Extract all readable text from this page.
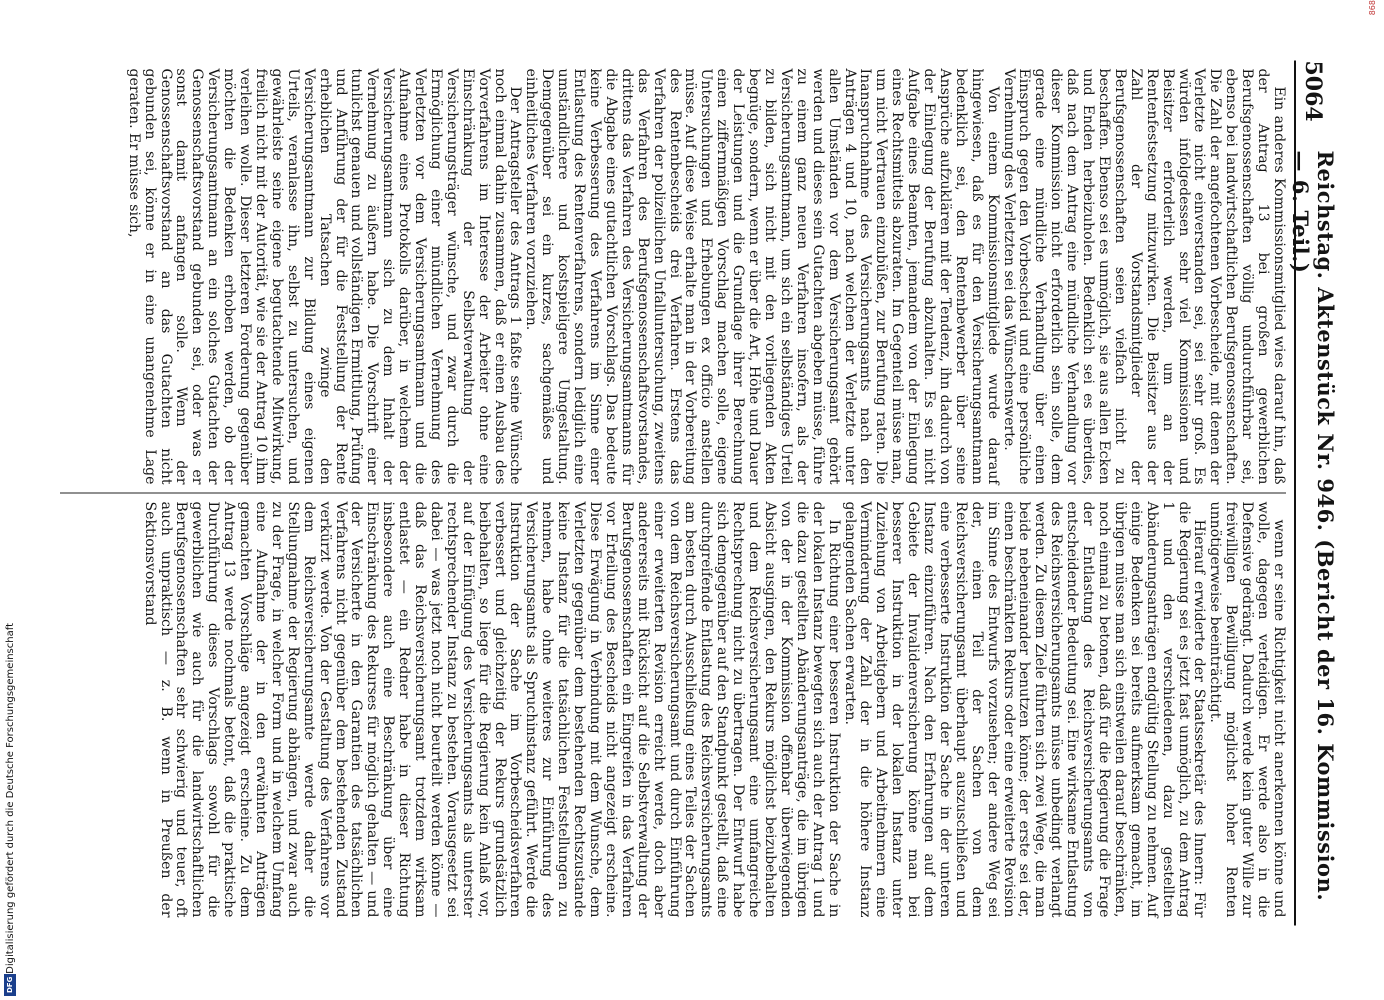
868
Digitalisierung gefördert durch die Deutsche Forschungsgemeinschaft
DFG
5064
Reichstag. Aktenstück Nr. 946. (Bericht der 16. Kommission. — 6. Teil.)

Ein anderes Kommissionsmitglied wies darauf hin, daß der Antrag 13 bei großen gewerblichen Berufsgenossenschaften völlig undurchführbar sei, ebenso bei landwirtschaftlichen Berufsgenossenschaften. Die Zahl der angefochtenen Vorbescheide, mit denen der Verletzte nicht einverstanden sei, sei sehr groß. Es würden infolgedessen sehr viel Kommissionen und Beisitzer erforderlich werden, um an der Rentenfestsetzung mitzuwirken. Die Beisitzer aus der Zahl der Vorstandsmitglieder der Berufsgenossenschaften seien vielfach nicht zu beschaffen. Ebenso sei es unmöglich, sie aus allen Ecken und Enden herbeizuholen. Bedenklich sei es überdies, daß nach dem Antrag eine mündliche Verhandlung vor dieser Kommission nicht erforderlich sein solle, dem gerade eine mündliche Verhandlung über einen Einspruch gegen den Vorbescheid und eine persönliche Vernehmung des Verletzten sei das Wünschenswerte.

Von einem Kommissionsmitgliede wurde darauf hingewiesen, daß es für den Versicherungsamtmann bedenklich sei, den Rentenbewerber über seine Ansprüche aufzuklären mit der Tendenz, ihn dadurch von der Einlegung der Berufung abzuhalten. Es sei nicht Aufgabe eines Beamten, jemandem von der Einlegung eines Rechtsmittels abzuraten. Im Gegenteil müsse man, um nicht Vertrauen einzubüßen, zur Berufung raten. Die Inanspruchnahme des Versicherungsamts nach den Anträgen 4 und 10, nach welchen der Verletzte unter allen Umständen vor dem Versicherungsamt gehört werden und dieses sein Gutachten abgeben müsse, führe zu einem ganz neuen Verfahren insofern, als der Versicherungsamtmann, um sich ein selbständiges Urteil zu bilden, sich nicht mit den vorliegenden Akten begnüge, sondern, wenn er über die Art, Höhe und Dauer der Leistungen und die Grundlage ihrer Berechnung einen ziffernmäßigen Vorschlag machen solle, eigene Untersuchungen und Erhebungen ex officio anstellen müsse. Auf diese Weise erhalte man in der Vorbereitung des Rentenbescheids drei Verfahren. Erstens das Verfahren der polizeilichen Unfalluntersuchung, zweitens das Verfahren des Berufsgenossenschaftsvorstandes, drittens das Verfahren des Versicherungsamtmanns für die Abgabe eines gutachtlichen Vorschlags. Das bedeute keine Verbesserung des Verfahrens im Sinne einer Entlastung des Rentenverfahrens, sondern lediglich eine umständlichere und kostspieligere Umgestaltung. Demgegenüber sei ein kurzes, sachgemäßes und einheitliches Verfahren vorzuziehen.

Der Antragsteller des Antrags 1 faßte seine Wünsche noch einmal dahin zusammen, daß er einen Ausbau des Vorverfahrens im Interesse der Arbeiter ohne eine Einschränkung der Selbstverwaltung der Versicherungsträger wünsche, und zwar durch die Ermöglichung einer mündlichen Vernehmung des Verletzten vor dem Versicherungsamtmann und die Aufnahme eines Protokolls darüber, in welchem der Versicherungsamtmann sich zu dem Inhalt der Vernehmung zu äußern habe. Die Vorschrift einer tunlichst genauen und vollständigen Ermittlung, Prüfung und Anführung der für die Feststellung der Rente erheblichen Tatsachen zwinge den Versicherungsamtmann zur Bildung eines eigenen Urteils, veranlasse ihn, selbst zu untersuchen, und gewährleiste seine eigene begutachtende Mitwirkung, freilich nicht mit der Autorität, wie sie der Antrag 10 ihm verleihen wolle. Dieser letzteren Forderung gegenüber möchten die Bedenken erhoben werden, ob der Versicherungsamtmann an ein solches Gutachten der Genossenschaftsvorstand gebunden sei, oder was er sonst damit anfangen solle. Wenn der Genossenschaftsvorstand an das Gutachten nicht gebunden sei, könne er in eine unangenehme Lage geraten. Er müsse sich,

wenn er seine Richtigkeit nicht anerkennen könne und wolle, dagegen verteidigen. Er werde also in die Defensive gedrängt. Dadurch werde kein guter Wille zur freiwilligen Bewilligung möglichst hoher Renten unnötigerweise beeinträchtigt.

Hierauf erwiderte der Staatssekretär des Innern: Für die Regierung sei es jetzt fast unmöglich, zu dem Antrag 1 und den verschiedenen, dazu gestellten Abänderungsanträgen endgültig Stellung zu nehmen. Auf einige Bedenken sei bereits aufmerksam gemacht, im übrigen müsse man sich einstweilen darauf beschränken, noch einmal zu betonen, daß für die Regierung die Frage der Entlastung des Reichsversicherungsamts von entscheidender Bedeutung sei. Eine wirksame Entlastung des Reichsversicherungsamts müsse unbedingt verlangt werden. Zu diesem Ziele führten sich zwei Wege, die man beide nebeneinander benutzen könne; der erste sei der, einen beschränkten Rekurs oder eine erweiterte Revision im Sinne des Entwurfs vorzusehen; der andere Weg sei der, einen Teil der Sachen von dem Reichsversicherungsamt überhaupt auszuschließen und eine verbesserte Instruktion der Sache in der unteren Instanz einzuführen. Nach den Erfahrungen auf dem Gebiete der Invalidenversicherung könne man bei besserer Instruktion in der lokalen Instanz unter Zuziehung von Arbeitgebern und Arbeitnehmern eine Verminderung der Zahl der in die höhere Instanz gelangenden Sachen erwarten.

In Richtung einer besseren Instruktion der Sache in der lokalen Instanz bewegten sich auch der Antrag 1 und die dazu gestellten Abänderungsanträge, die im übrigen von der in der Kommission offenbar überwiegenden Absicht ausgingen, den Rekurs möglichst beizubehalten und dem Reichsversicherungsamt eine umfangreiche Rechtsprechung nicht zu übertragen. Der Entwurf habe sich demgegenüber auf den Standpunkt gestellt, daß eine durchgreifende Entlastung des Reichsversicherungsamts am besten durch Ausschließung eines Teiles der Sachen von dem Reichsversicherungsamt und durch Einführung einer erweiterten Revision erreicht werde, doch aber andererseits mit Rücksicht auf die Selbstverwaltung der Berufsgenossenschaften ein Eingreifen in das Verfahren vor Erteilung des Bescheids nicht angezeigt erscheine. Diese Erwägung in Verbindung mit dem Wunsche, dem Verletzten gegenüber dem bestehenden Rechtszustande keine Instanz für die tatsächlichen Feststellungen zu nehmen, habe ohne weiteres zur Einführung des Versicherungsamts als Spruchinstanz geführt. Werde die Instruktion der Sache im Vorbescheidsverfahren verbessert und gleichzeitig der Rekurs grundsätzlich beibehalten, so liege für die Regierung kein Anlaß vor, auf der Einfügung des Versicherungsamts als unterster rechtsprechender Instanz zu bestehen. Vorausgesetzt sei dabei — was jetzt noch nicht beurteilt werden könne — daß das Reichsversicherungsamt trotzdem wirksam entlastet — ein Redner habe in dieser Richtung insbesondere auch eine Beschränkung über eine Einschränkung des Rekurses für möglich gehalten — und der Versicherte in den Garantien des tatsächlichen Verfahrens nicht gegenüber dem bestehenden Zustand verkürzt werde. Von der Gestaltung des Verfahrens vor dem Reichsversicherungsamte werde daher die Stellungnahme der Regierung abhängen, und zwar auch zu der Frage, in welcher Form und in welchem Umfang eine Aufnahme der in den erwähnten Anträgen gemachten Vorschläge angezeigt erscheine. Zu dem Antrag 13 werde nochmals betont, daß die praktische Durchführung dieses Vorschlags sowohl für die gewerblichen wie auch für die landwirtschaftlichen Berufsgenossenschaften sehr schwierig und teuer, oft auch unpraktisch — z. B. wenn in Preußen der Sektionsvorstand
